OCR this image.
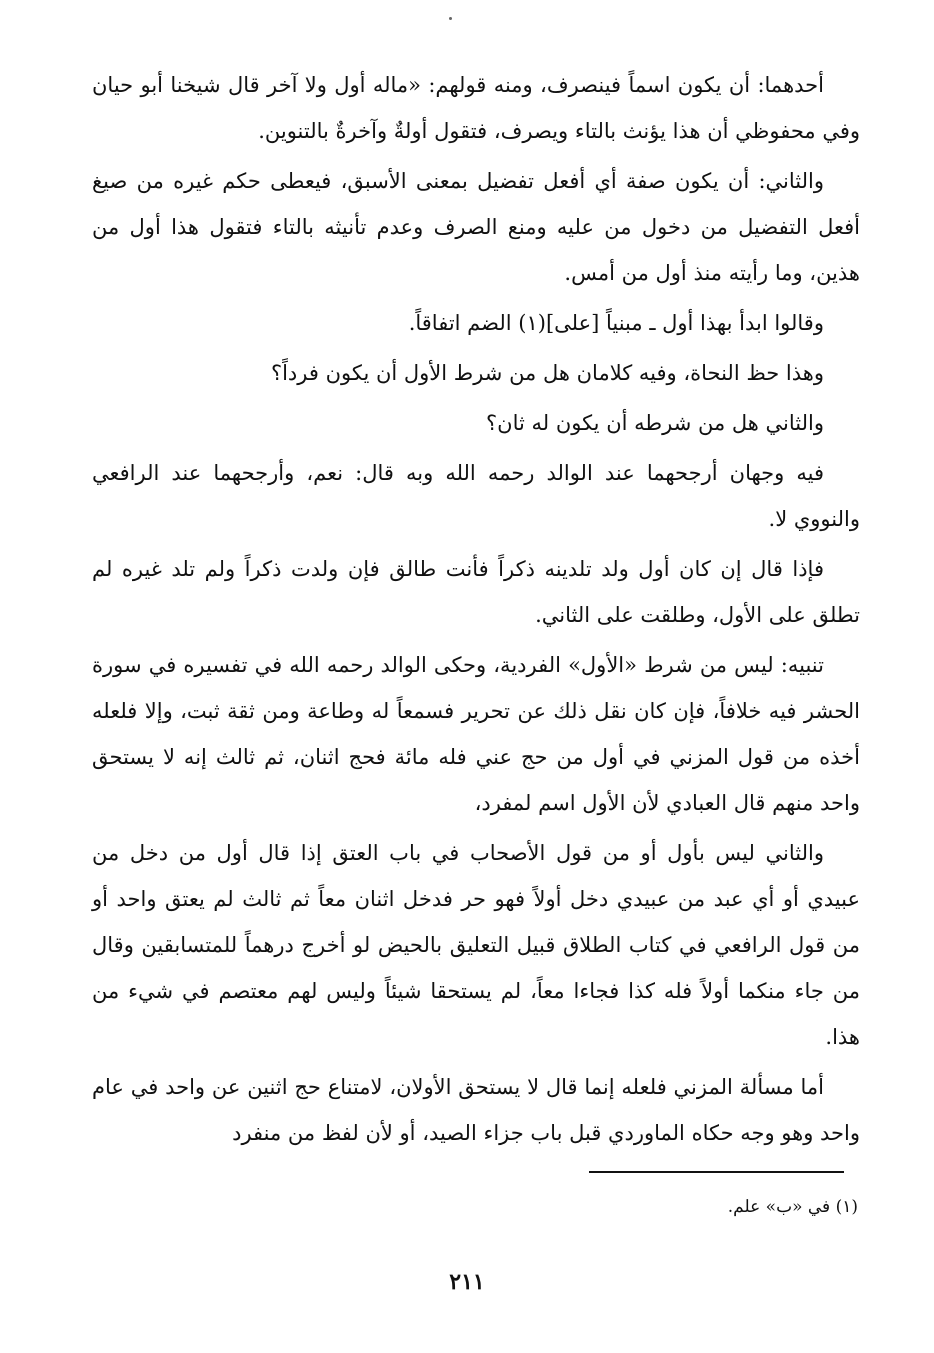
أحدهما: أن يكون اسماً فينصرف، ومنه قولهم: «ماله أول ولا آخر قال شيخنا أبو حيان وفي محفوظي أن هذا يؤنث بالتاء ويصرف، فتقول أولةٌ وآخرةٌ بالتنوين.

والثاني: أن يكون صفة أي أفعل تفضيل بمعنى الأسبق، فيعطى حكم غيره من صيغ أفعل التفضيل من دخول من عليه ومنع الصرف وعدم تأنيثه بالتاء فتقول هذا أول من هذين، وما رأيته منذ أول من أمس.

وقالوا ابدأ بهذا أول ـ مبنياً [على](١) الضم اتفاقاً.

وهذا حظ النحاة، وفيه كلامان هل من شرط الأول أن يكون فرداً؟

والثاني هل من شرطه أن يكون له ثان؟

فيه وجهان أرجحهما عند الوالد رحمه الله وبه قال: نعم، وأرجحهما عند الرافعي والنووي لا.

فإذا قال إن كان أول ولد تلدينه ذكراً فأنت طالق فإن ولدت ذكراً ولم تلد غيره لم تطلق على الأول، وطلقت على الثاني.

تنبيه: ليس من شرط «الأول» الفردية، وحكى الوالد رحمه الله في تفسيره في سورة الحشر فيه خلافاً، فإن كان نقل ذلك عن تحرير فسمعاً له وطاعة ومن ثقة ثبت، وإلا فلعله أخذه من قول المزني في أول من حج عني فله مائة فحج اثنان، ثم ثالث إنه لا يستحق واحد منهم قال العبادي لأن الأول اسم لمفرد،

والثاني ليس بأول أو من قول الأصحاب في باب العتق إذا قال أول من دخل من عبيدي أو أي عبد من عبيدي دخل أولاً فهو حر فدخل اثنان معاً ثم ثالث لم يعتق واحد أو من قول الرافعي في كتاب الطلاق قبيل التعليق بالحيض لو أخرج درهماً للمتسابقين وقال من جاء منكما أولاً فله كذا فجاءا معاً، لم يستحقا شيئاً وليس لهم معتصم في شيء من هذا.

أما مسألة المزني فلعله إنما قال لا يستحق الأولان، لامتناع حج اثنين عن واحد في عام واحد وهو وجه حكاه الماوردي قبل باب جزاء الصيد، أو لأن لفظ من منفرد

(١) في «ب» علم.
٢١١
